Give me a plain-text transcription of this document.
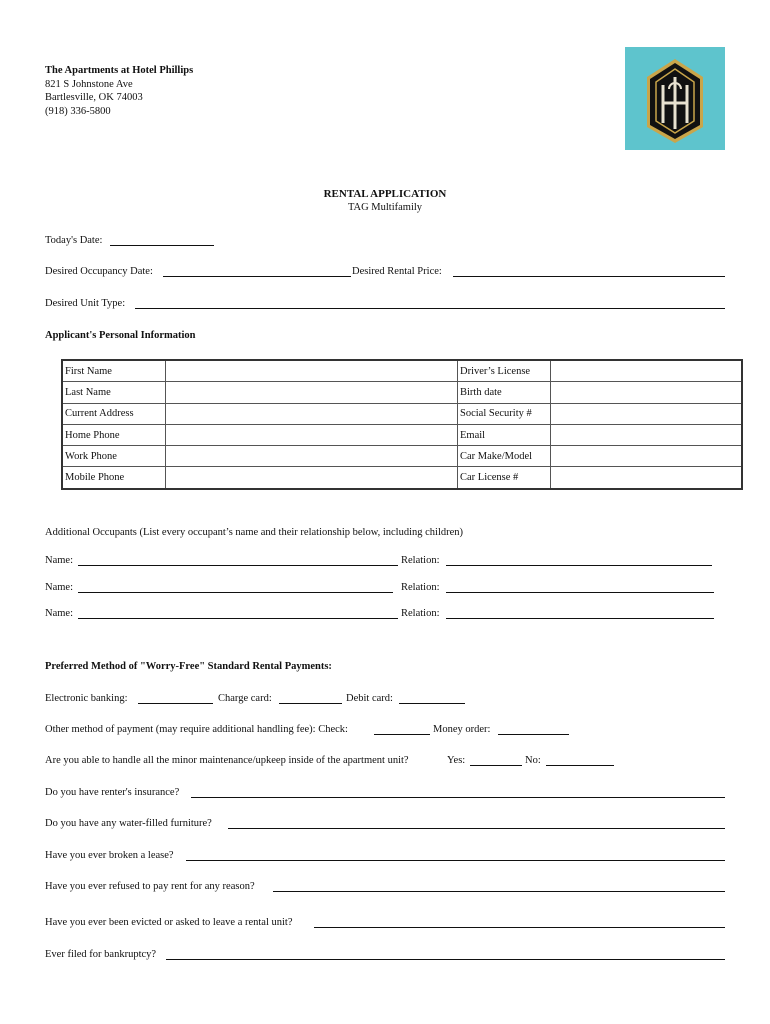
The Apartments at Hotel Phillips
821 S Johnstone Ave
Bartlesville, OK 74003
(918) 336-5800
RENTAL APPLICATION
TAG Multifamily
Today's Date:
Desired Occupancy Date:	Desired Rental Price:
Desired Unit Type:
Applicant's Personal Information
First Name		Driver’s License	
Last Name		Birth date	
Current Address		Social Security #	
Home Phone		Email	
Work Phone		Car Make/Model	
Mobile Phone		Car License #	
Additional Occupants (List every occupant’s name and their relationship below, including children)
Name:	Relation:
Name:	Relation:
Name:	Relation:
Preferred Method of "Worry-Free" Standard Rental Payments:
Electronic banking:	Charge card:	Debit card:
Other method of payment (may require additional handling fee): Check:	Money order:
Are you able to handle all the minor maintenance/upkeep inside of the apartment unit?	Yes:	No:
Do you have renter's insurance?
Do you have any water-filled furniture?
Have you ever broken a lease?
Have you ever refused to pay rent for any reason?
Have you ever been evicted or asked to leave a rental unit?
Ever filed for bankruptcy?
